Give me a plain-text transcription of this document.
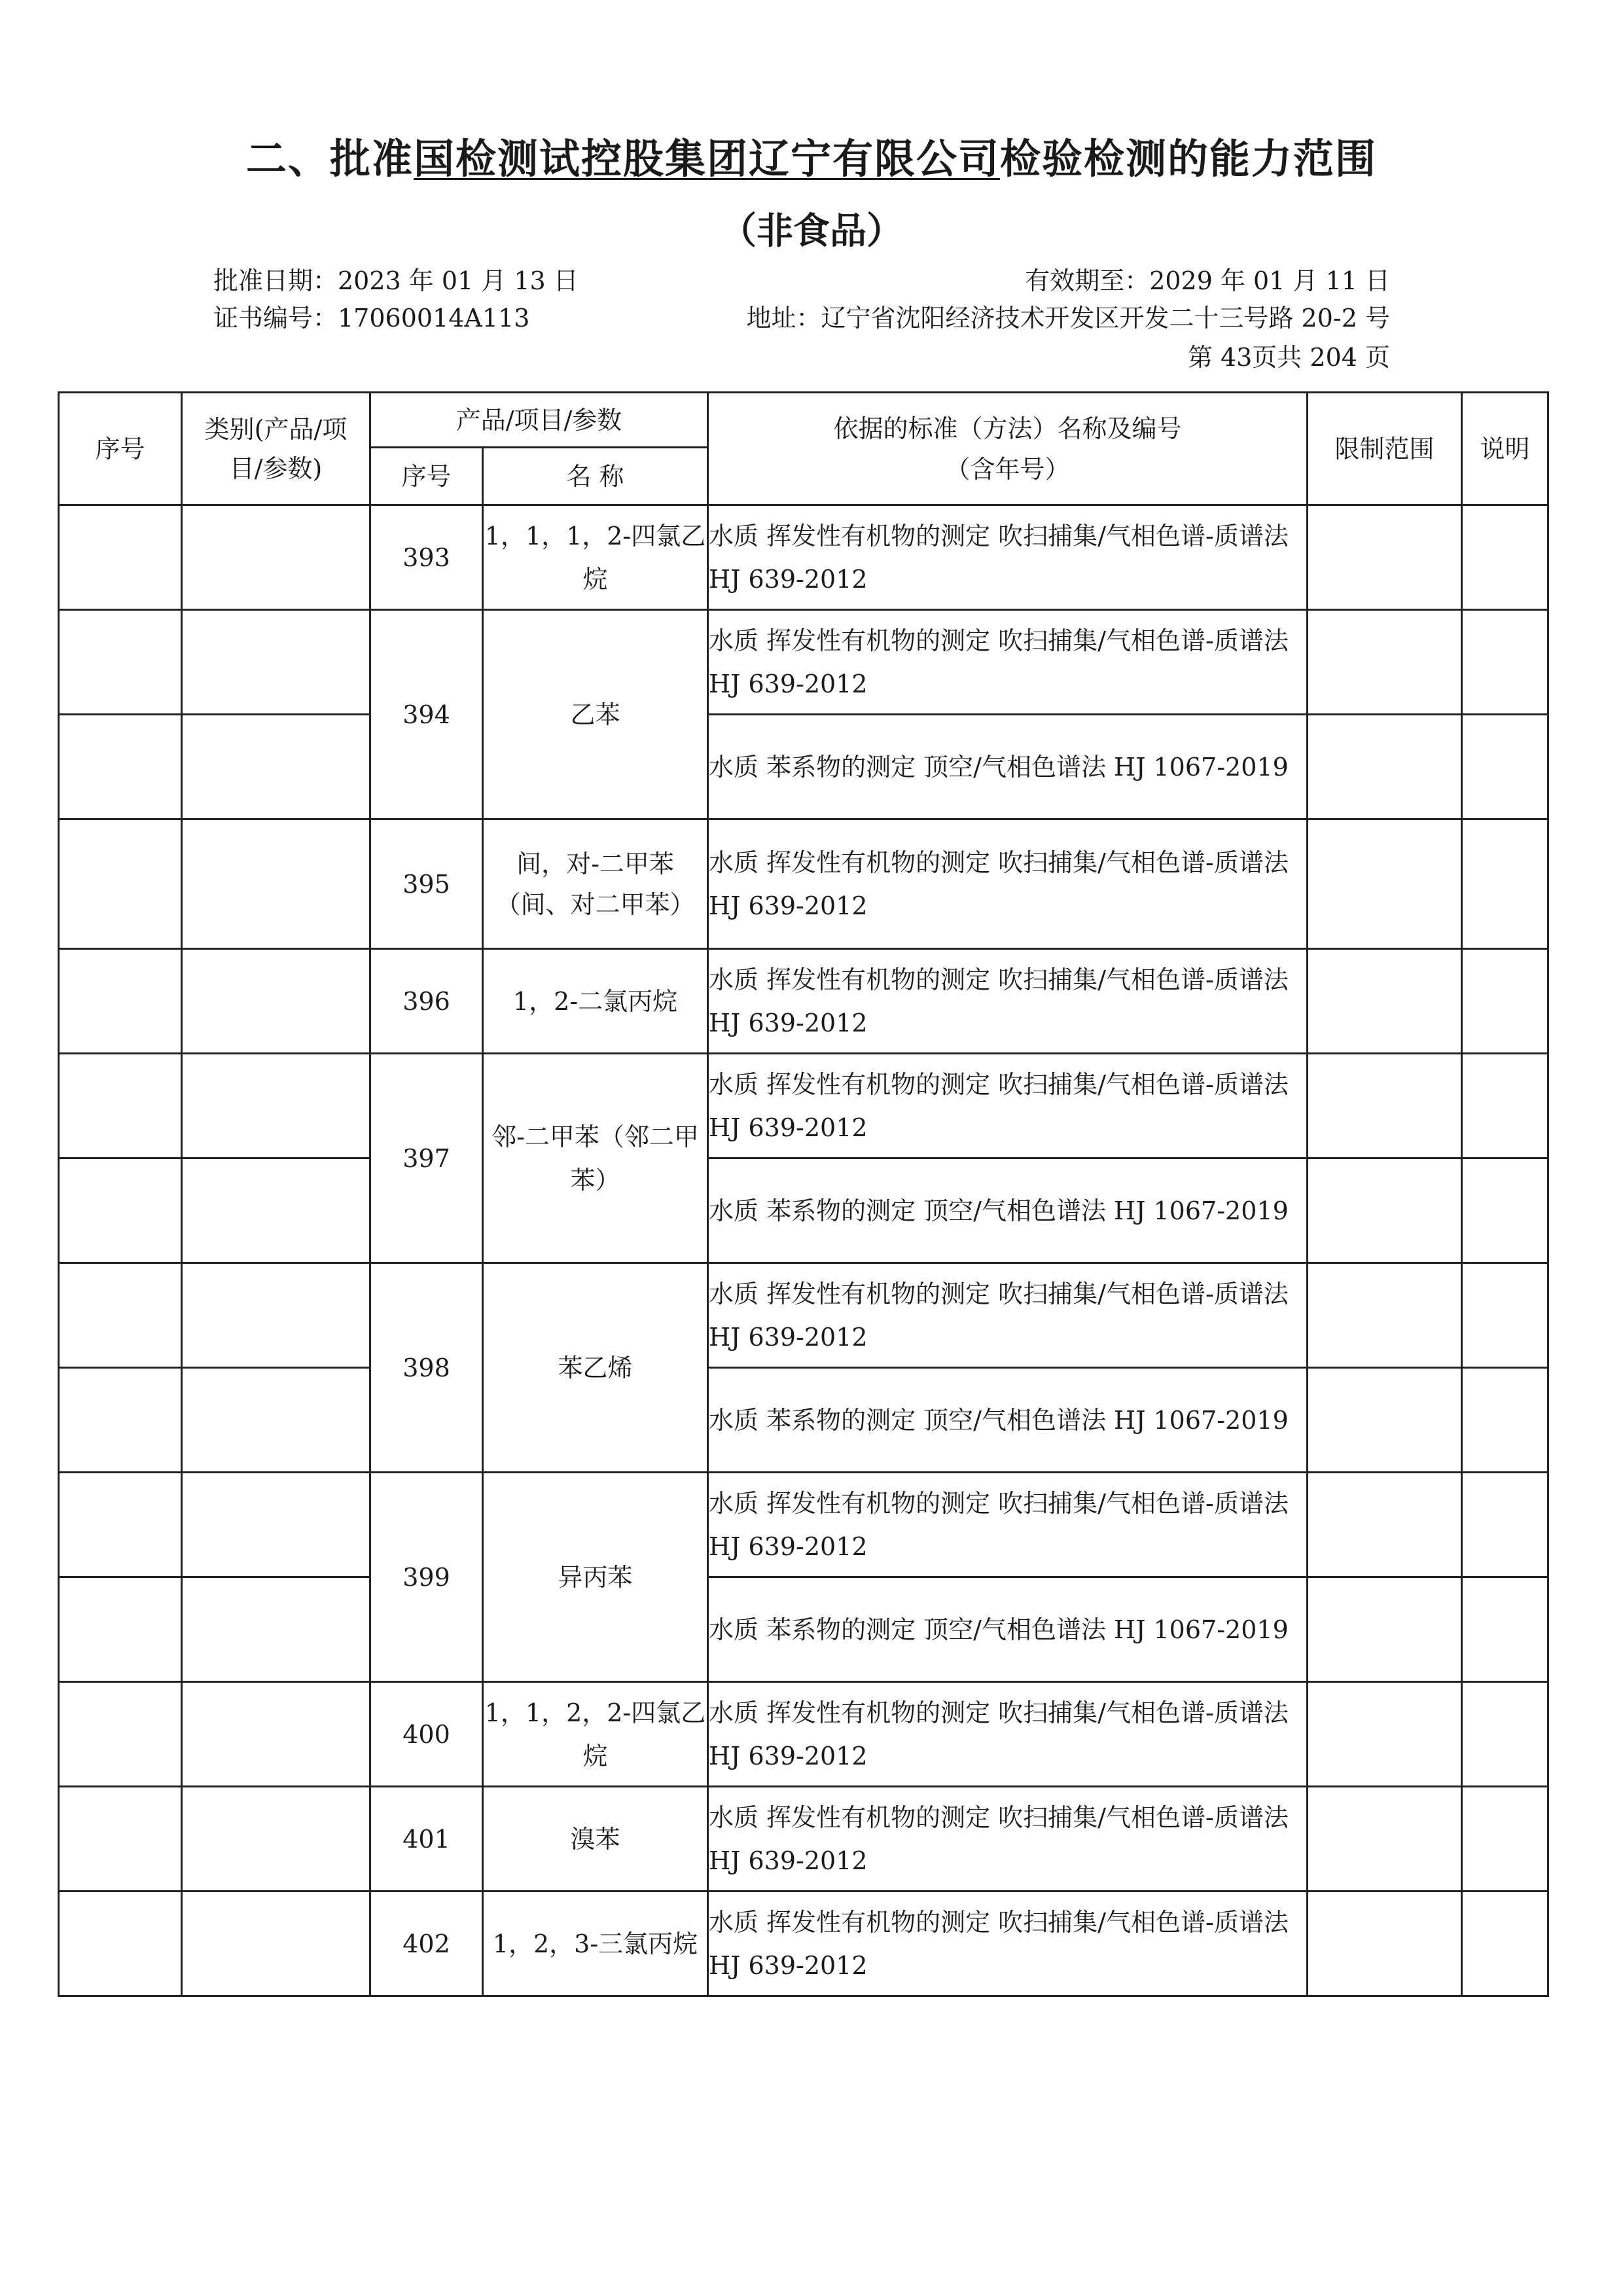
二、批准国检测试控股集团辽宁有限公司检验检测的能力范围
（非食品）
批准日期：2023 年 01 月 13 日	有效期至：2029 年 01 月 11 日
证书编号：17060014A113	地址：辽宁省沈阳经济技术开发区开发二十三号路 20-2 号
第 43页共 204 页
序号	类别(产品/项目/参数)	产品/项目/参数		依据的标准（方法）名称及编号（含年号）	限制范围	说明
		序号	名 称			
		393	1，1，1，2-四氯乙烷	水质 挥发性有机物的测定 吹扫捕集/气相色谱-质谱法 HJ 639-2012		
		394	乙苯	水质 挥发性有机物的测定 吹扫捕集/气相色谱-质谱法 HJ 639-2012		
				水质 苯系物的测定 顶空/气相色谱法 HJ 1067-2019		
		395	间，对-二甲苯（间、对二甲苯）	水质 挥发性有机物的测定 吹扫捕集/气相色谱-质谱法 HJ 639-2012		
		396	1，2-二氯丙烷	水质 挥发性有机物的测定 吹扫捕集/气相色谱-质谱法 HJ 639-2012		
		397	邻-二甲苯（邻二甲苯）	水质 挥发性有机物的测定 吹扫捕集/气相色谱-质谱法 HJ 639-2012		
				水质 苯系物的测定 顶空/气相色谱法 HJ 1067-2019		
		398	苯乙烯	水质 挥发性有机物的测定 吹扫捕集/气相色谱-质谱法 HJ 639-2012		
				水质 苯系物的测定 顶空/气相色谱法 HJ 1067-2019		
		399	异丙苯	水质 挥发性有机物的测定 吹扫捕集/气相色谱-质谱法 HJ 639-2012		
				水质 苯系物的测定 顶空/气相色谱法 HJ 1067-2019		
		400	1，1，2，2-四氯乙烷	水质 挥发性有机物的测定 吹扫捕集/气相色谱-质谱法 HJ 639-2012		
		401	溴苯	水质 挥发性有机物的测定 吹扫捕集/气相色谱-质谱法 HJ 639-2012		
		402	1，2，3-三氯丙烷	水质 挥发性有机物的测定 吹扫捕集/气相色谱-质谱法 HJ 639-2012		
